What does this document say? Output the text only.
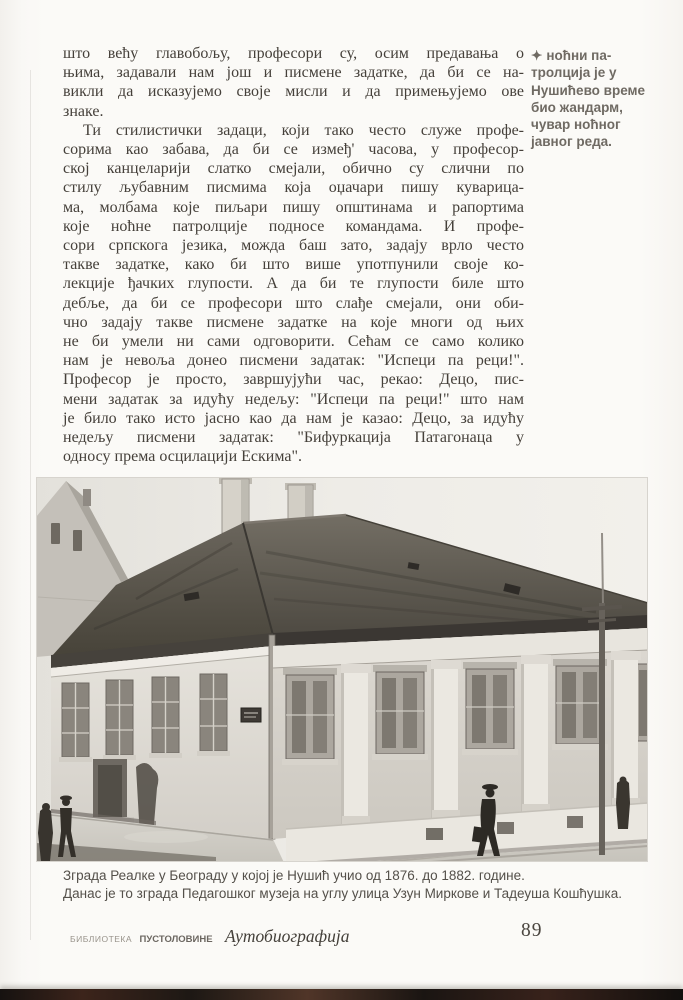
што већу главобољу, професори су, осим предавања о
њима, задавали нам још и писмене задатке, да би се на-
викли да исказујемо своје мисли и да примењујемо ове
знаке.
Ти стилистички задаци, који тако често служе профе-
сорима као забава, да би се измеђ' часова, у професор-
ској канцеларији слатко смејали, обично су слични по
стилу љубавним писмима која оџачари пишу куварица-
ма, молбама које пиљари пишу општинама и рапортима
које ноћне патролције подносе командама. И профе-
сори српскога језика, можда баш зато, задају врло често
такве задатке, како би што више употпунили своје ко-
лекције ђачких глупости. А да би те глупости биле што
дебље, да би се професори што слађе смејали, они оби-
чно задају такве писмене задатке на које многи од њих
не би умели ни сами одговорити. Сећам се само колико
нам је невоља донео писмени задатак: "Испеци па реци!".
Професор је просто, завршујући час, рекао: Децо, пис-
мени задатак за идућу недељу: "Испеци па реци!" што нам
је било тако исто јасно као да нам је казао: Децо, за идућу
недељу писмени задатак: "Бифуркација Патагонаца у
односу према осцилацији Ескима".
✦ ноћни па-
тролција је у
Нушићево време
био жандарм,
чувар ноћног
јавног реда.
Зграда Реалке у Београду у којој је Нушић учио од 1876. до 1882. године.
Данас је то зграда Педагошког музеја на углу улица Узун Миркове и Тадеуша Кошћушка.
БИБЛИОТЕКА ПУСТОЛОВИНЕ Аутобиографија	89
